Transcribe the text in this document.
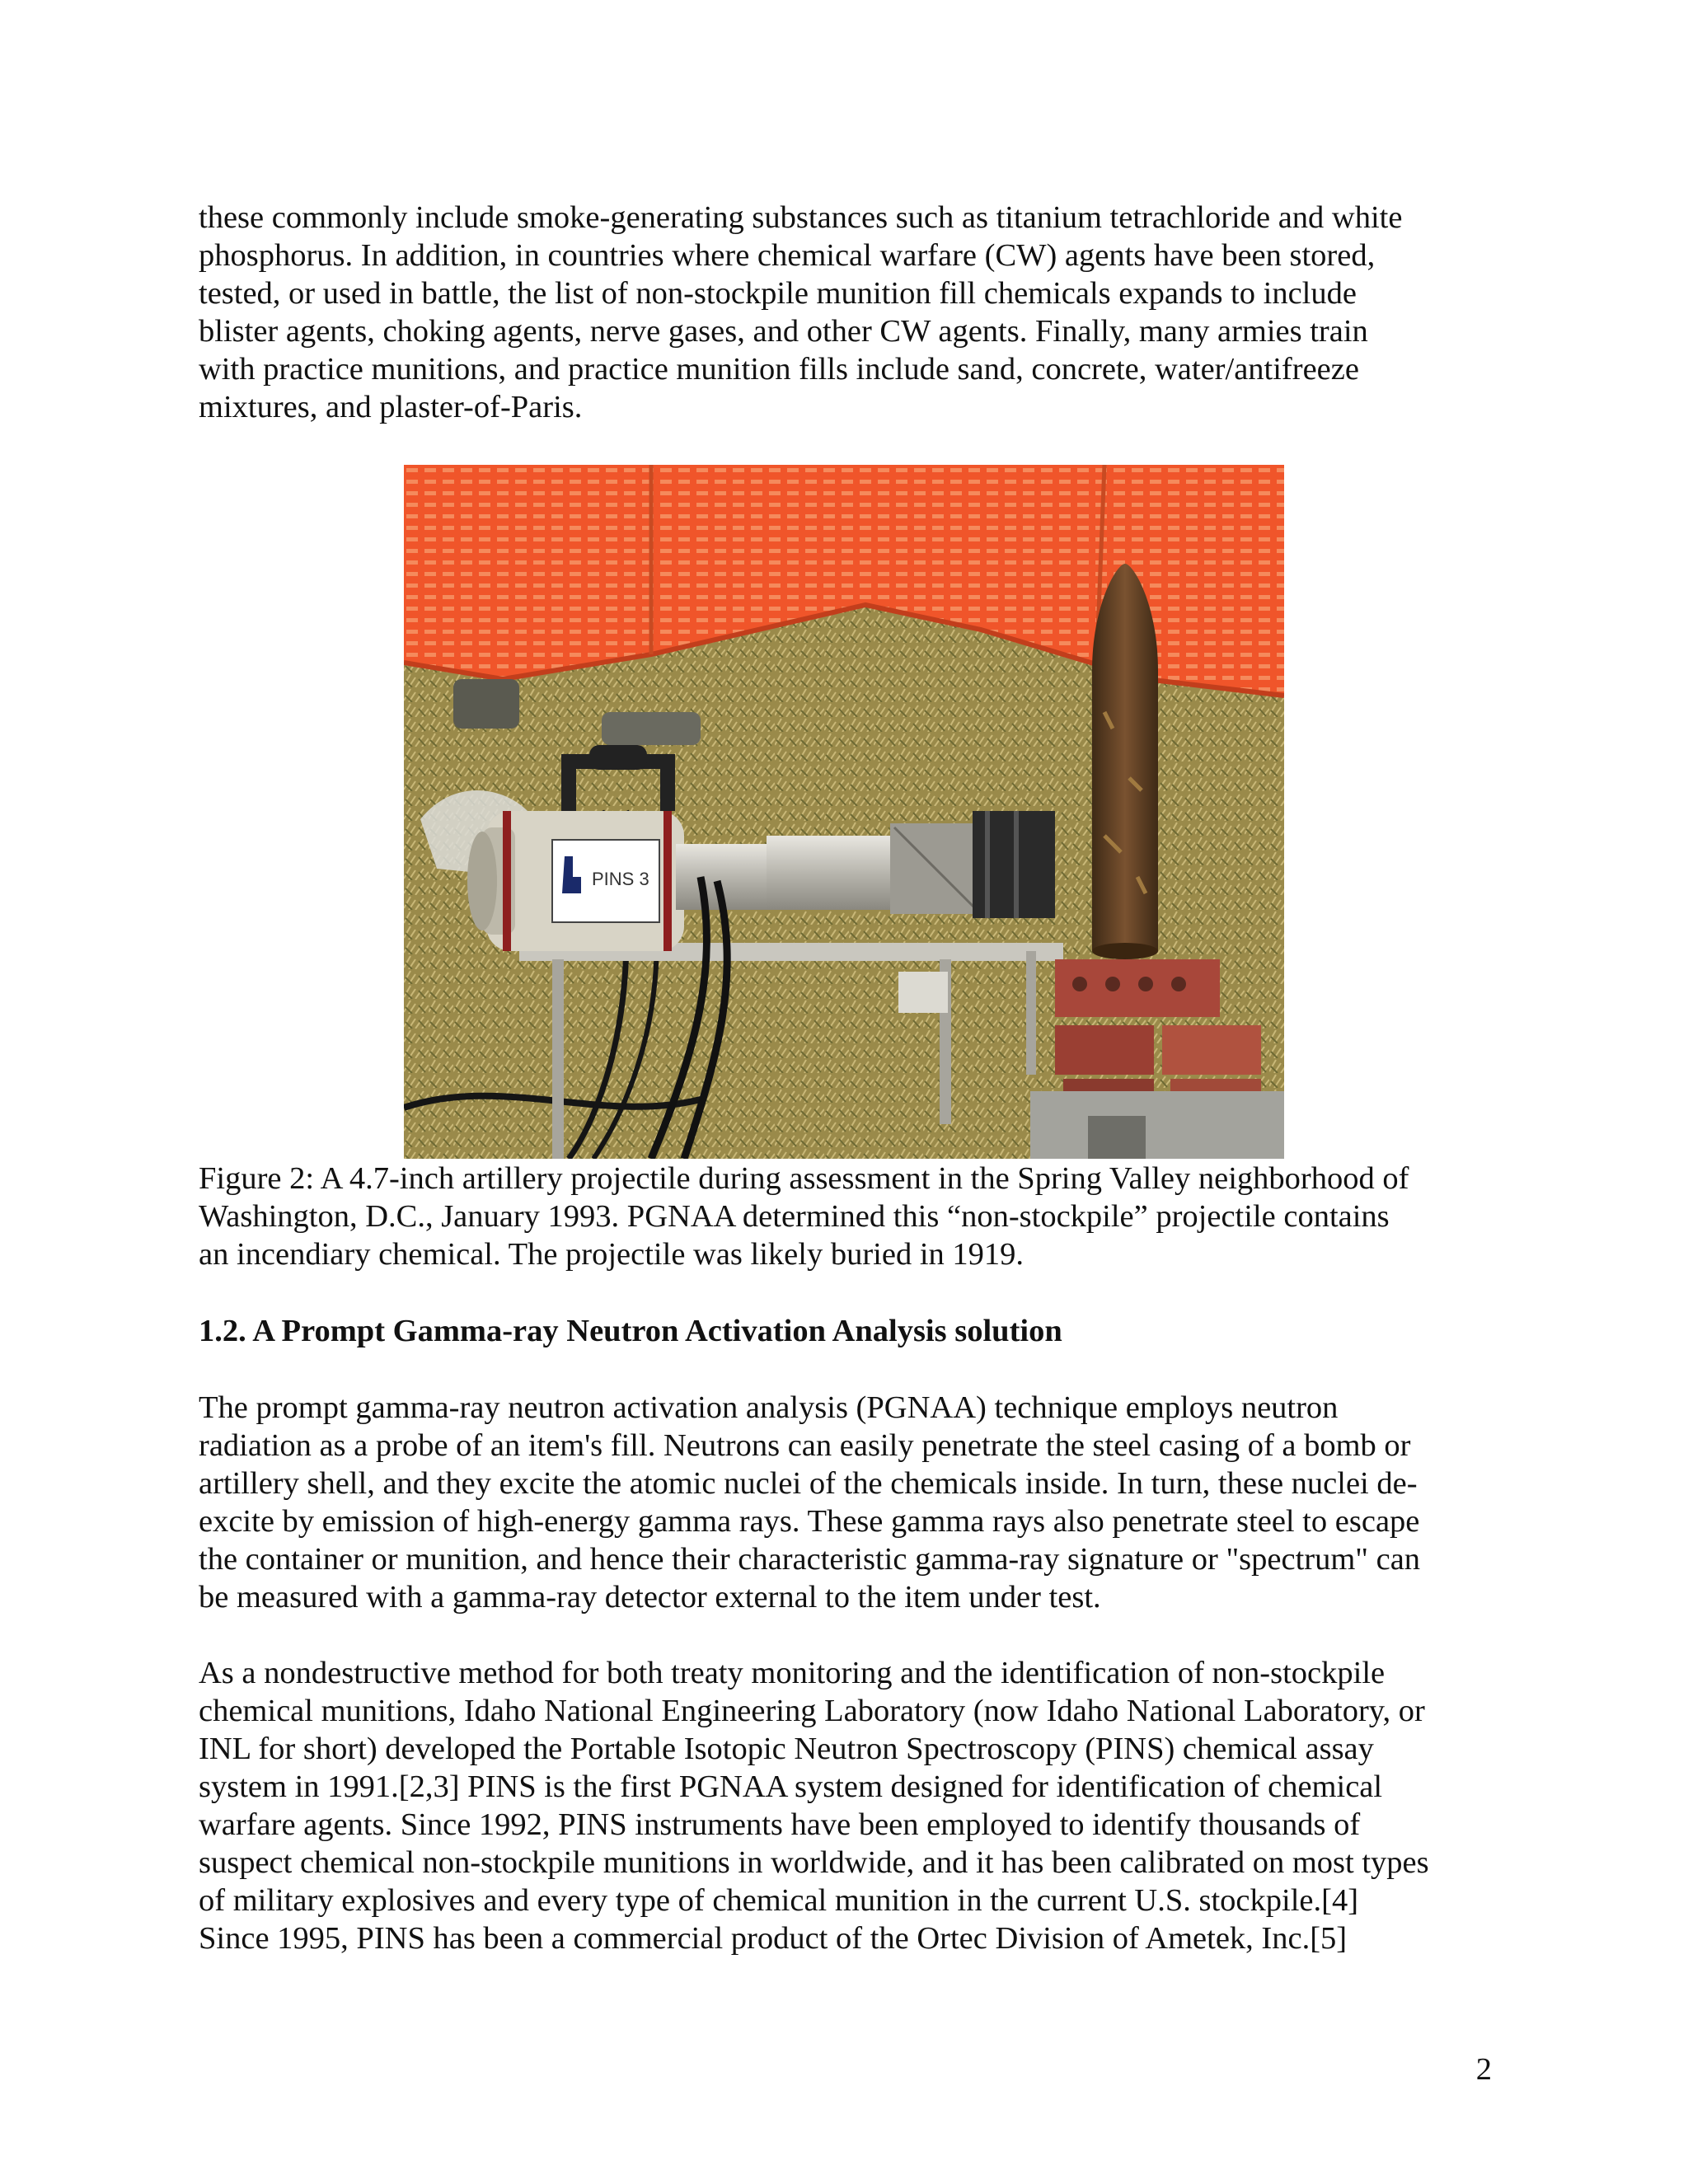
these commonly include smoke-generating substances such as titanium tetrachloride and white
phosphorus. In addition, in countries where chemical warfare (CW) agents have been stored,
tested, or used in battle, the list of non-stockpile munition fill chemicals expands to include
blister agents, choking agents, nerve gases, and other CW agents. Finally, many armies train
with practice munitions, and practice munition fills include sand, concrete, water/antifreeze
mixtures, and plaster-of-Paris.

PINS 3

Figure 2: A 4.7-inch artillery projectile during assessment in the Spring Valley neighborhood of
Washington, D.C., January 1993. PGNAA determined this “non-stockpile” projectile contains
an incendiary chemical. The projectile was likely buried in 1919.

1.2. A Prompt Gamma-ray Neutron Activation Analysis solution

The prompt gamma-ray neutron activation analysis (PGNAA) technique employs neutron
radiation as a probe of an item's fill. Neutrons can easily penetrate the steel casing of a bomb or
artillery shell, and they excite the atomic nuclei of the chemicals inside. In turn, these nuclei de-
excite by emission of high-energy gamma rays. These gamma rays also penetrate steel to escape
the container or munition, and hence their characteristic gamma-ray signature or "spectrum" can
be measured with a gamma-ray detector external to the item under test.

As a nondestructive method for both treaty monitoring and the identification of non-stockpile
chemical munitions, Idaho National Engineering Laboratory (now Idaho National Laboratory, or
INL for short) developed the Portable Isotopic Neutron Spectroscopy (PINS) chemical assay
system in 1991.[2,3] PINS is the first PGNAA system designed for identification of chemical
warfare agents. Since 1992, PINS instruments have been employed to identify thousands of
suspect chemical non-stockpile munitions in worldwide, and it has been calibrated on most types
of military explosives and every type of chemical munition in the current U.S. stockpile.[4]
Since 1995, PINS has been a commercial product of the Ortec Division of Ametek, Inc.[5]

2
